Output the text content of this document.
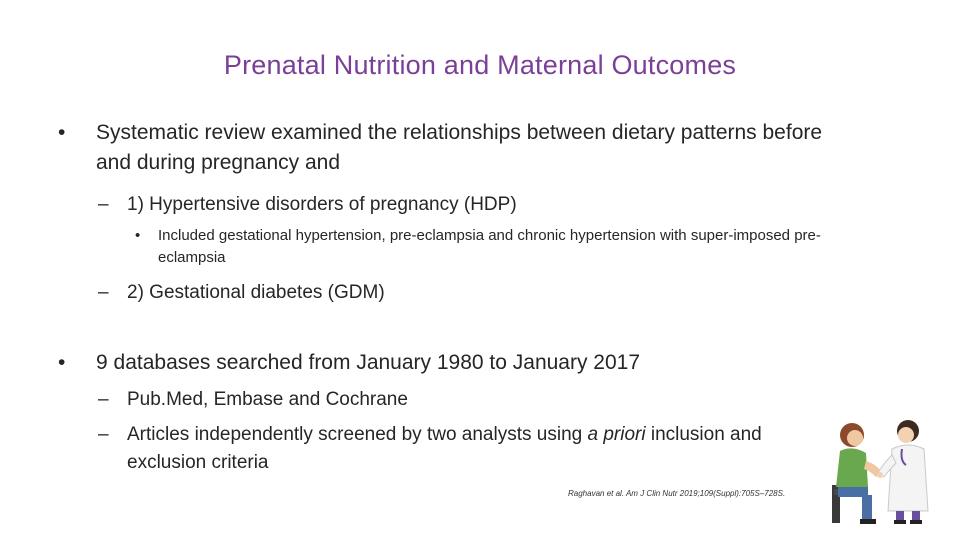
Prenatal Nutrition and Maternal Outcomes
•	Systematic review examined the relationships between dietary patterns before and during pregnancy and
– 1) Hypertensive disorders of pregnancy (HDP)
•	Included gestational hypertension, pre-eclampsia and chronic hypertension with super-imposed pre-eclampsia
– 2) Gestational diabetes (GDM)
•	9 databases searched from January 1980 to January 2017
– Pub.Med, Embase and Cochrane
– Articles independently screened by two analysts using a priori inclusion and exclusion criteria
Raghavan et al. Am J Clin Nutr 2019;109(Suppl):705S–728S.
